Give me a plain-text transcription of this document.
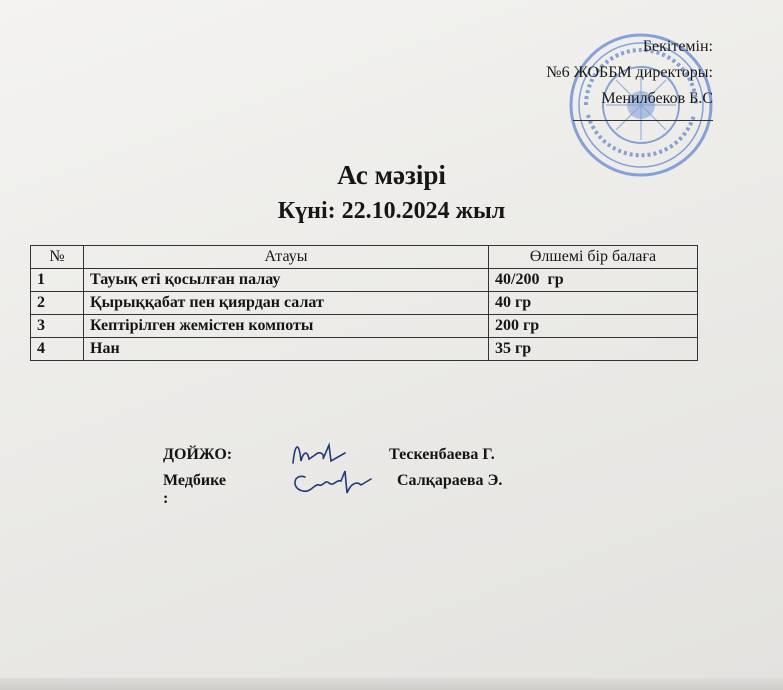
Бекітемін:
№6 ЖОББМ директоры:
Менилбеков Б.С
Ас мәзірі
Күні: 22.10.2024 жыл
№	Атауы	Өлшемі бір балаға
1	Тауық еті қосылған палау	40/200  гр
2	Қырыққабат пен қиярдан салат	40 гр
3	Кептірілген жемістен компоты	200 гр
4	Нан	35 гр
ДОЙЖО:	Тескенбаева Г.
Медбике :
Салқараева Э.
